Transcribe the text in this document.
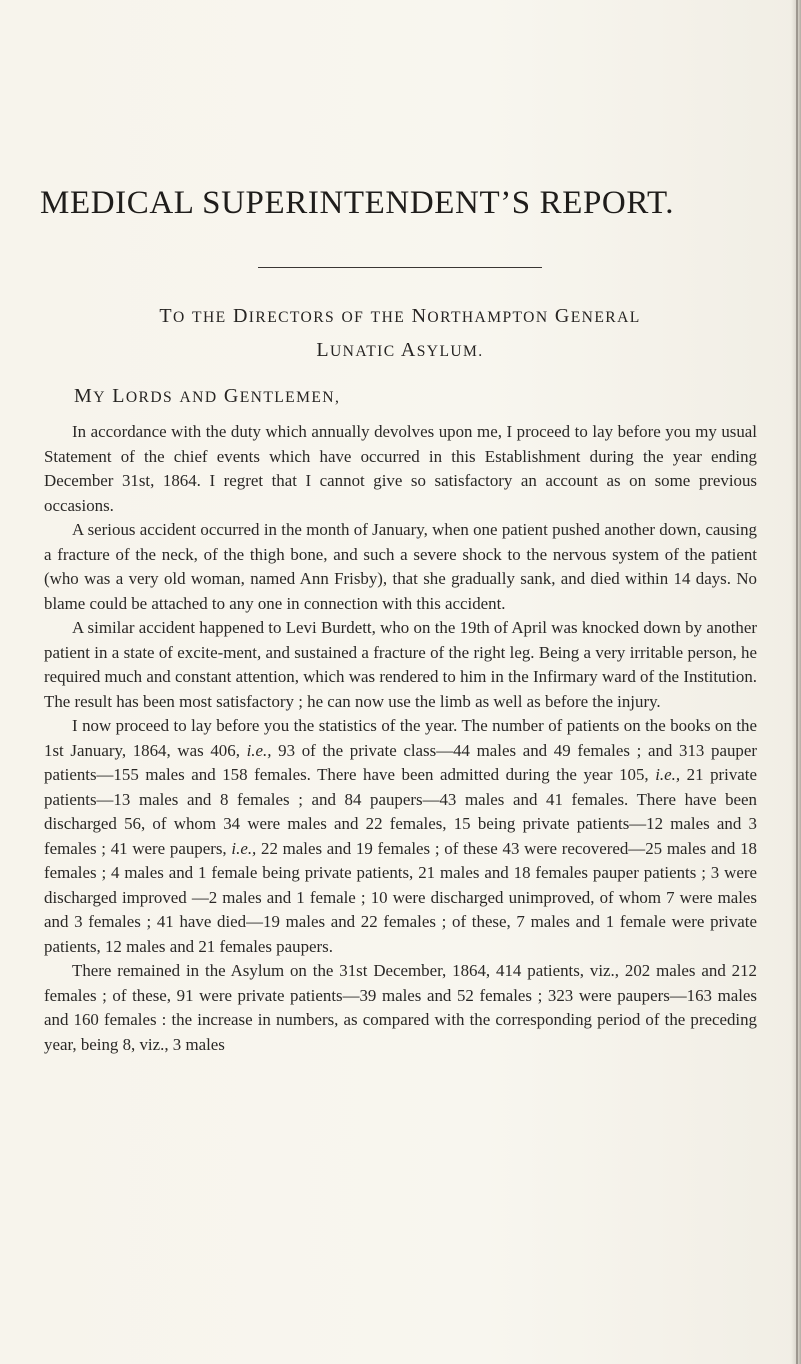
MEDICAL SUPERINTENDENT’S REPORT.
TO THE DIRECTORS OF THE NORTHAMPTON GENERAL
LUNATIC ASYLUM.
MY LORDS AND GENTLEMEN,

In accordance with the duty which annually devolves upon me, I proceed to lay before you my usual Statement of the chief events which have occurred in this Establishment during the year ending December 31st, 1864. I regret that I cannot give so satisfactory an account as on some previous occasions.

A serious accident occurred in the month of January, when one patient pushed another down, causing a fracture of the neck, of the thigh bone, and such a severe shock to the nervous system of the patient (who was a very old woman, named Ann Frisby), that she gradually sank, and died within 14 days. No blame could be attached to any one in connection with this accident.

A similar accident happened to Levi Burdett, who on the 19th of April was knocked down by another patient in a state of excite-ment, and sustained a fracture of the right leg. Being a very irritable person, he required much and constant attention, which was rendered to him in the Infirmary ward of the Institution. The result has been most satisfactory ; he can now use the limb as well as before the injury.

I now proceed to lay before you the statistics of the year. The number of patients on the books on the 1st January, 1864, was 406, i.e., 93 of the private class—44 males and 49 females ; and 313 pauper patients—155 males and 158 females. There have been admitted during the year 105, i.e., 21 private patients—13 males and 8 females ; and 84 paupers—43 males and 41 females. There have been discharged 56, of whom 34 were males and 22 females, 15 being private patients—12 males and 3 females ; 41 were paupers, i.e., 22 males and 19 females ; of these 43 were recovered—25 males and 18 females ; 4 males and 1 female being private patients, 21 males and 18 females pauper patients ; 3 were discharged improved —2 males and 1 female ; 10 were discharged unimproved, of whom 7 were males and 3 females ; 41 have died—19 males and 22 females ; of these, 7 males and 1 female were private patients, 12 males and 21 females paupers.

There remained in the Asylum on the 31st December, 1864, 414 patients, viz., 202 males and 212 females ; of these, 91 were private patients—39 males and 52 females ; 323 were paupers—163 males and 160 females : the increase in numbers, as compared with the corresponding period of the preceding year, being 8, viz., 3 males
